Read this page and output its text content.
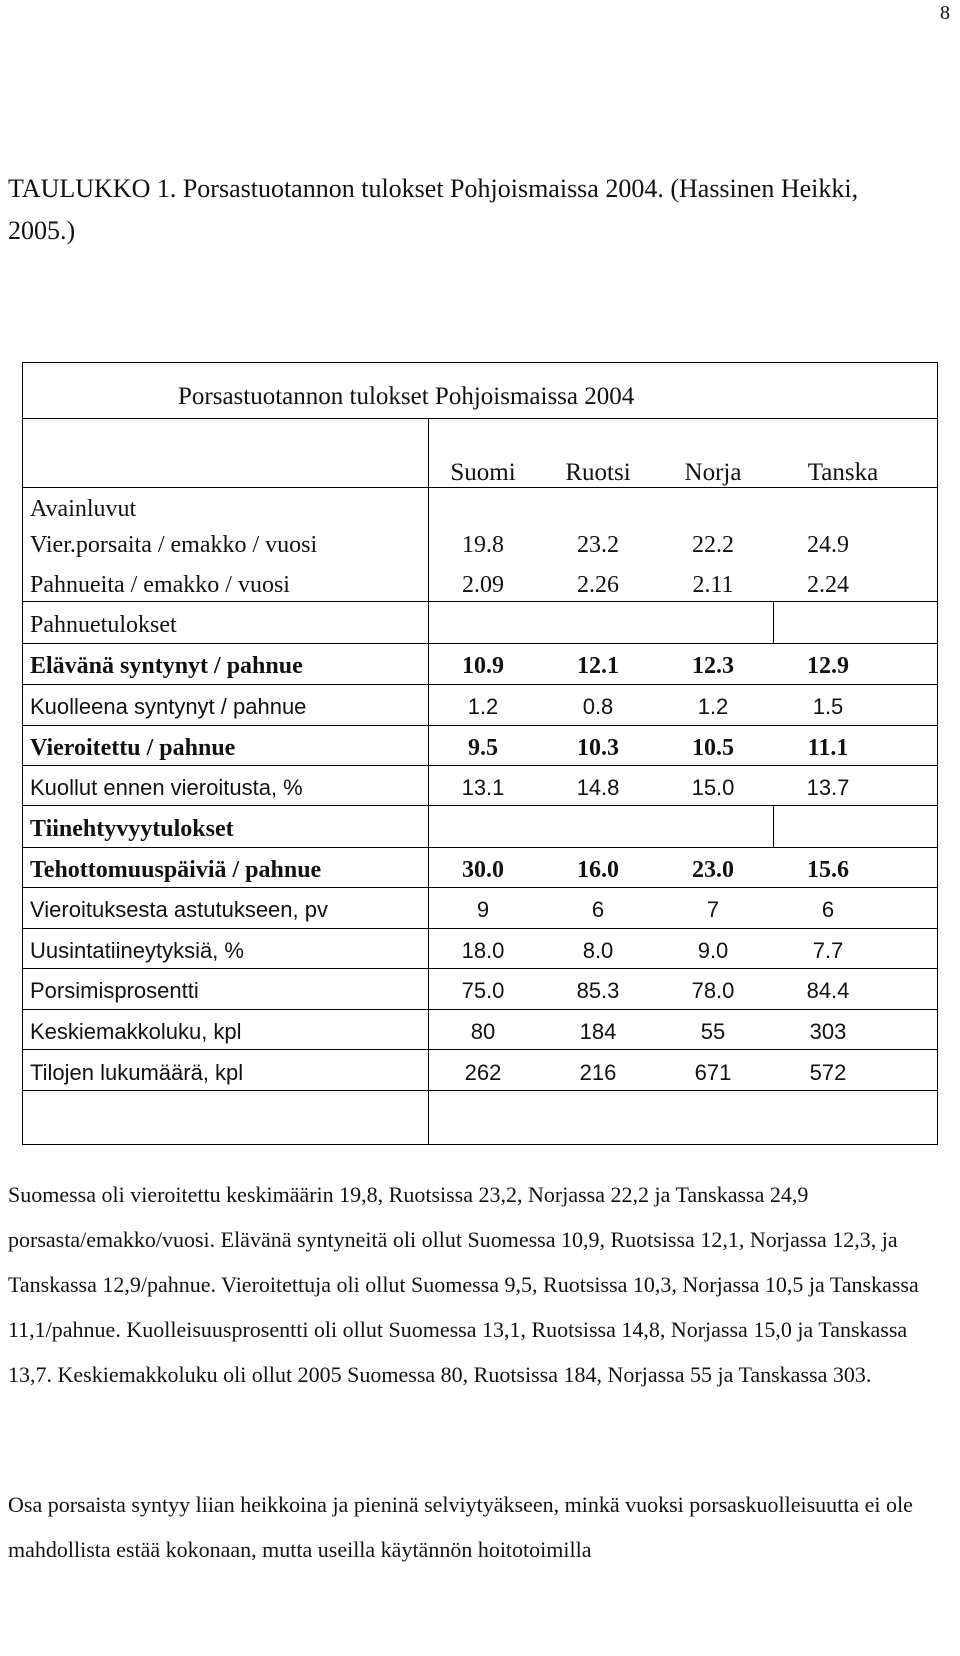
8
TAULUKKO 1. Porsastuotannon tulokset Pohjoismaissa 2004. (Hassinen Heikki, 2005.)
Porsastuotannon tulokset Pohjoismaissa 2004
Suomi	Ruotsi	Norja	Tanska
Avainluvut
Vier.porsaita / emakko / vuosi	19.8	23.2	22.2	24.9
Pahnueita / emakko / vuosi	2.09	2.26	2.11	2.24
Pahnuetulokset
Elävänä syntynyt / pahnue	10.9	12.1	12.3	12.9
Kuolleena syntynyt / pahnue	1.2	0.8	1.2	1.5
Vieroitettu / pahnue	9.5	10.3	10.5	11.1
Kuollut ennen vieroitusta, %	13.1	14.8	15.0	13.7
Tiinehtyvyytulokset
Tehottomuuspäiviä / pahnue	30.0	16.0	23.0	15.6
Vieroituksesta astutukseen, pv	9	6	7	6
Uusintatiineytyksiä, %	18.0	8.0	9.0	7.7
Porsimisprosentti	75.0	85.3	78.0	84.4
Keskiemakkoluku, kpl	80	184	55	303
Tilojen lukumäärä, kpl	262	216	671	572
Suomessa oli vieroitettu keskimäärin 19,8, Ruotsissa 23,2, Norjassa 22,2 ja Tanskassa 24,9 porsasta/emakko/vuosi. Elävänä syntyneitä oli ollut Suomessa 10,9, Ruotsissa 12,1, Norjassa 12,3, ja Tanskassa 12,9/pahnue. Vieroitettuja oli ollut Suomessa 9,5, Ruotsissa 10,3, Norjassa 10,5 ja Tanskassa 11,1/pahnue. Kuolleisuusprosentti oli ollut Suomessa 13,1, Ruotsissa 14,8, Norjassa 15,0 ja Tanskassa 13,7. Keskiemakkoluku oli ollut 2005 Suomessa 80, Ruotsissa 184, Norjassa 55 ja Tanskassa 303.
Osa porsaista syntyy liian heikkoina ja pieninä selviytyäkseen, minkä vuoksi porsaskuolleisuutta ei ole mahdollista estää kokonaan, mutta useilla käytännön hoitotoimilla
